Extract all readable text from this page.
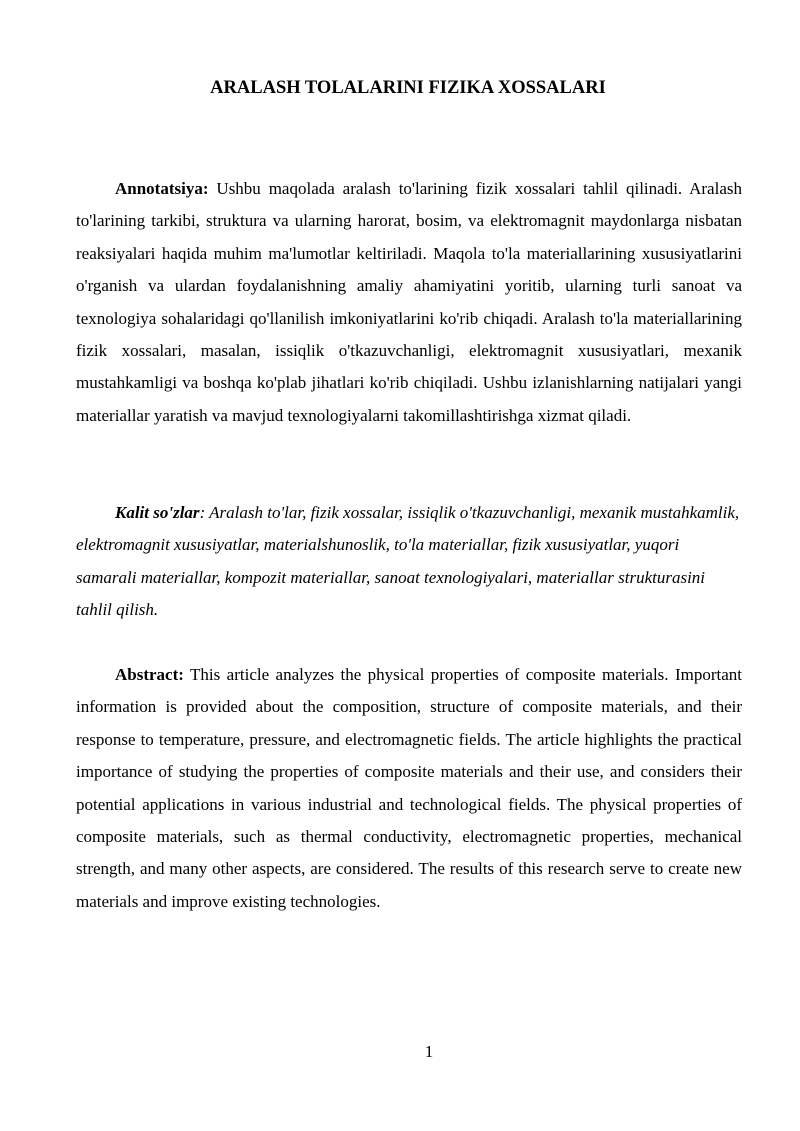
ARALASH TOLALARINI FIZIKA XOSSALARI

Annotatsiya: Ushbu maqolada aralash to'larining fizik xossalari tahlil qilinadi. Aralash to'larining tarkibi, struktura va ularning harorat, bosim, va elektromagnit maydonlarga nisbatan reaksiyalari haqida muhim ma'lumotlar keltiriladi. Maqola to'la materiallarining xususiyatlarini o'rganish va ulardan foydalanishning amaliy ahamiyatini yoritib, ularning turli sanoat va texnologiya sohalaridagi qo'llanilish imkoniyatlarini ko'rib chiqadi. Aralash to'la materiallarining fizik xossalari, masalan, issiqlik o'tkazuvchanligi, elektromagnit xususiyatlari, mexanik mustahkamligi va boshqa ko'plab jihatlari ko'rib chiqiladi. Ushbu izlanishlarning natijalari yangi materiallar yaratish va mavjud texnologiyalarni takomillashtirishga xizmat qiladi.

Kalit so'zlar: Aralash to'lar, fizik xossalar, issiqlik o'tkazuvchanligi, mexanik mustahkamlik, elektromagnit xususiyatlar, materialshunoslik, to'la materiallar, fizik xususiyatlar, yuqori samarali materiallar, kompozit materiallar, sanoat texnologiyalari, materiallar strukturasini tahlil qilish.

Abstract: This article analyzes the physical properties of composite materials. Important information is provided about the composition, structure of composite materials, and their response to temperature, pressure, and electromagnetic fields. The article highlights the practical importance of studying the properties of composite materials and their use, and considers their potential applications in various industrial and technological fields. The physical properties of composite materials, such as thermal conductivity, electromagnetic properties, mechanical strength, and many other aspects, are considered. The results of this research serve to create new materials and improve existing technologies.

1
